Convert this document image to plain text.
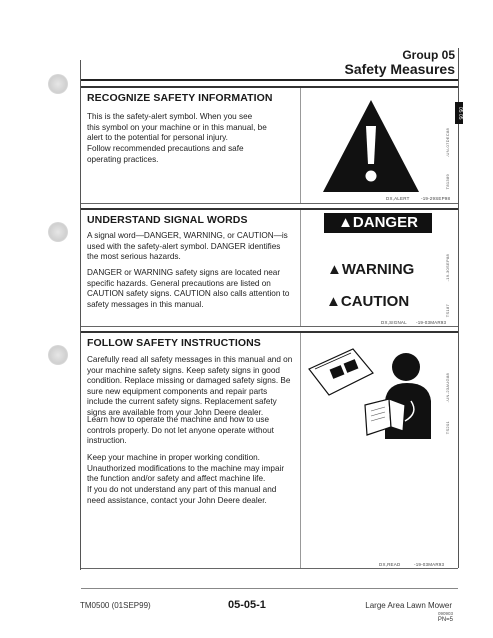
Group 05
Safety Measures
05 05
RECOGNIZE SAFETY INFORMATION
This is the safety-alert symbol. When you see this symbol on your machine or in this manual, be alert to the potential for personal injury.
Follow recommended precautions and safe operating practices.
DX,ALERT	-19-29SEP98
-UN-07DEC88
T81389
UNDERSTAND SIGNAL WORDS
A signal word—DANGER, WARNING, or CAUTION—is used with the safety-alert symbol. DANGER identifies the most serious hazards.
DANGER or WARNING safety signs are located near specific hazards. General precautions are listed on CAUTION safety signs. CAUTION also calls attention to safety messages in this manual.
▲DANGER
▲WARNING
▲CAUTION
DX,SIGNAL -19-03MAR93
-19-30SEP88
TS187
FOLLOW SAFETY INSTRUCTIONS
Carefully read all safety messages in this manual and on your machine safety signs. Keep safety signs in good condition. Replace missing or damaged safety signs. Be sure new equipment components and repair parts include the current safety signs. Replacement safety signs are available from your John Deere dealer.
Learn how to operate the machine and how to use controls properly. Do not let anyone operate without instruction.
Keep your machine in proper working condition. Unauthorized modifications to the machine may impair the function and/or safety and affect machine life.
If you do not understand any part of this manual and need assistance, contact your John Deere dealer.
DX,READ	-19-03MAR93
-UN-23AUG88
TS201
TM0500 (01SEP99)	05-05-1	Large Area Lawn Mower
090903
PN=5
